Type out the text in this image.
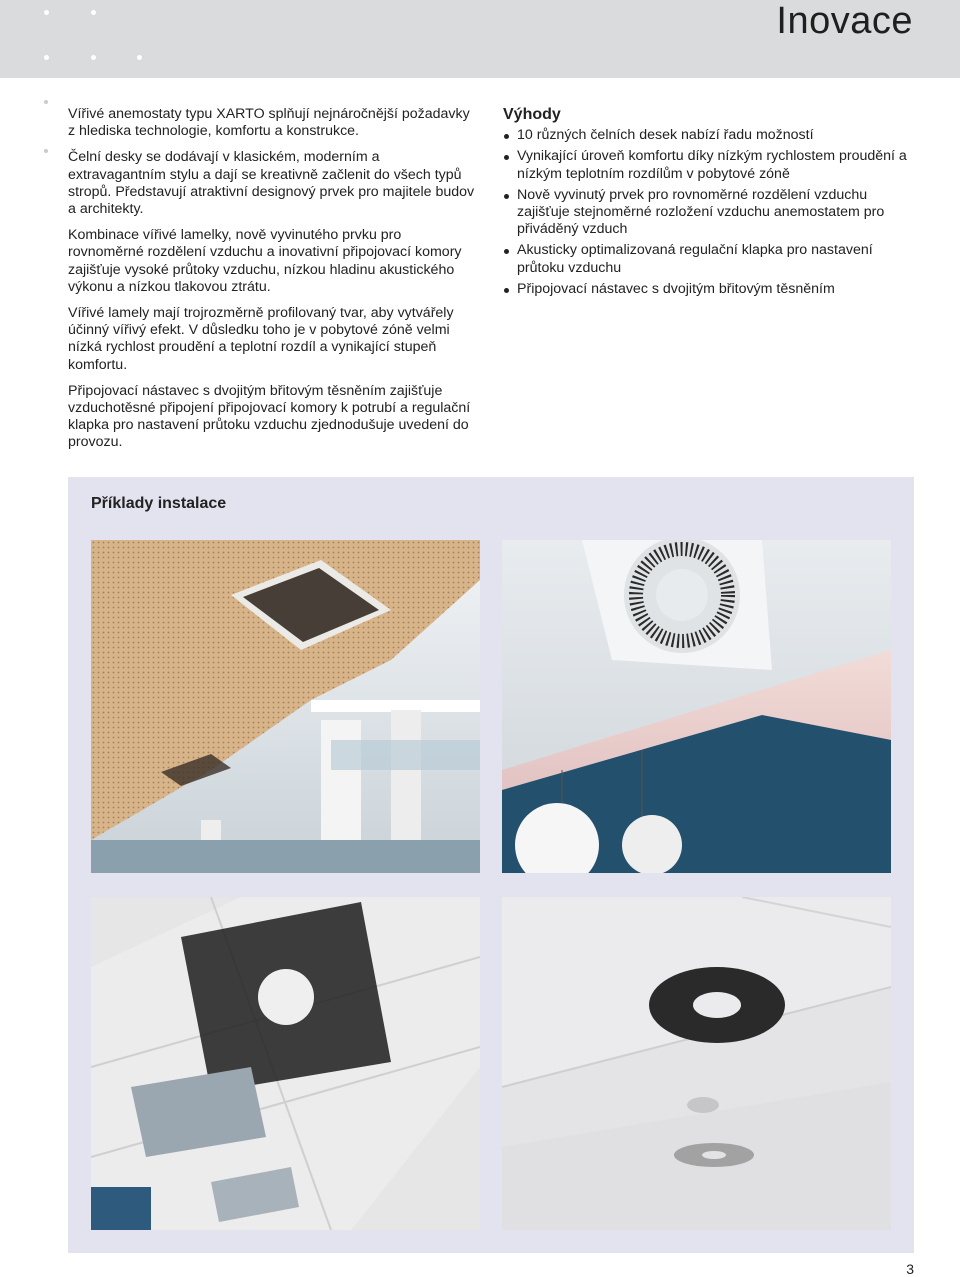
Inovace

Vířivé anemostaty typu XARTO splňují nejnáročnější požadavky z hlediska technologie, komfortu a konstrukce.

Čelní desky se dodávají v klasickém, moderním a extravagantním stylu a dají se kreativně začlenit do všech typů stropů. Představují atraktivní designový prvek pro majitele budov a architekty.

Kombinace vířivé lamelky, nově vyvinutého prvku pro rovnoměrné rozdělení vzduchu a inovativní připojovací komory zajišťuje vysoké průtoky vzduchu, nízkou hladinu akustického výkonu a nízkou tlakovou ztrátu.

Vířivé lamely mají trojrozměrně profilovaný tvar, aby vytvářely účinný vířivý efekt. V důsledku toho je v pobytové zóně velmi nízká rychlost proudění a teplotní rozdíl a vynikající stupeň komfortu.

Připojovací nástavec s dvojitým břitovým těsněním zajišťuje vzduchotěsné připojení připojovací komory k potrubí a regulační klapka pro nastavení průtoku vzduchu zjednodušuje uvedení do provozu.

Výhody
10 různých čelních desek nabízí řadu možností
Vynikající úroveň komfortu díky nízkým rychlostem proudění a nízkým teplotním rozdílům v pobytové zóně
Nově vyvinutý prvek pro rovnoměrné rozdělení vzduchu zajišťuje stejnoměrné rozložení vzduchu anemostatem pro přiváděný vzduch
Akusticky optimalizovaná regulační klapka pro nastavení průtoku vzduchu
Připojovací nástavec s dvojitým břitovým těsněním
Příklady instalace
3
